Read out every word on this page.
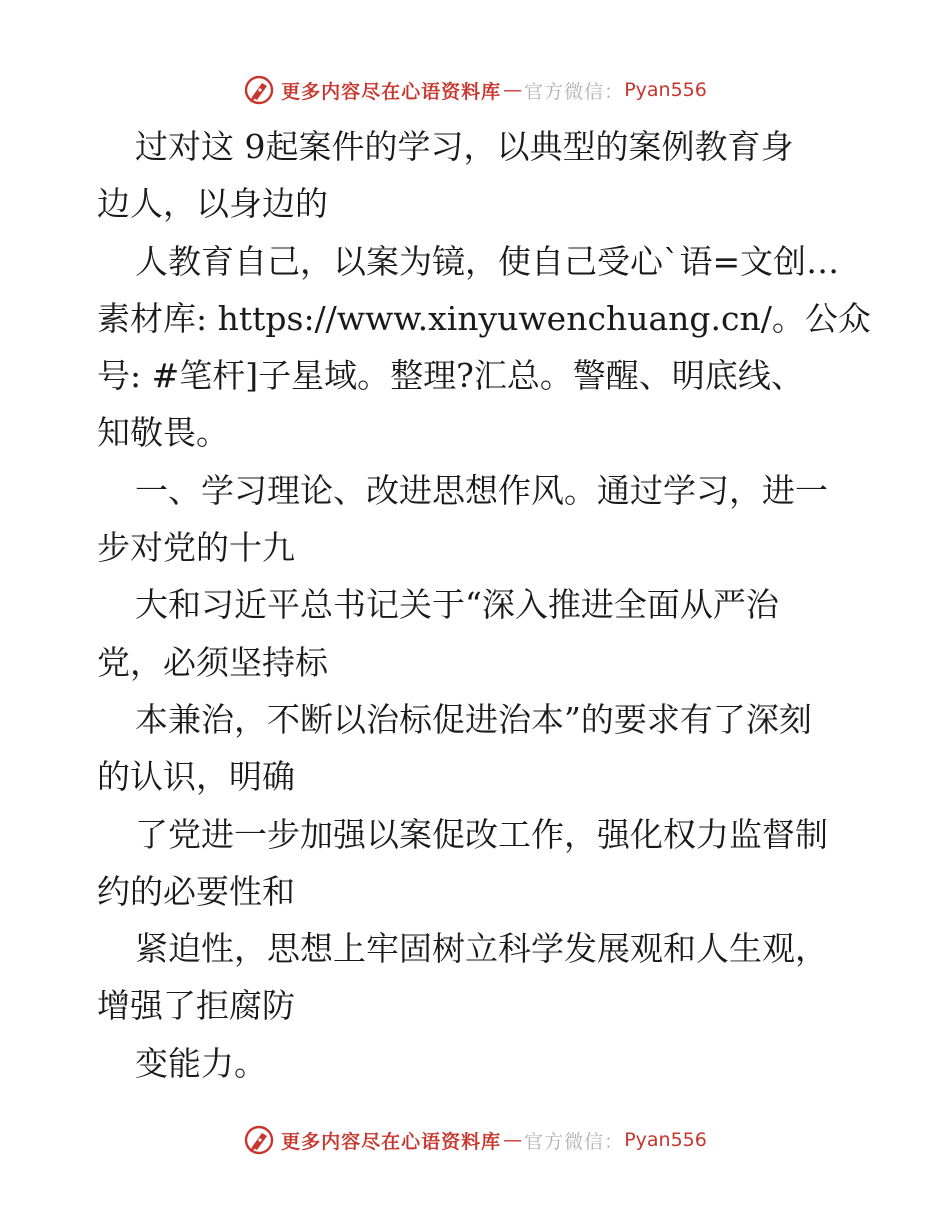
更多内容尽在心语资料库 — 官方微信： Pyan556
过对这 9起案件的学习，以典型的案例教育身
边人，以身边的
人教育自己，以案为镜，使自己受心`语=文创…
素材库: https://www.xinyuwenchuang.cn/。公众
号: #笔杆]子星域。整理?汇总。警醒、明底线、
知敬畏。
一、学习理论、改进思想作风。通过学习，进一
步对党的十九
大和习近平总书记关于“深入推进全面从严治
党，必须坚持标
本兼治，不断以治标促进治本”的要求有了深刻
的认识，明确
了党进一步加强以案促改工作，强化权力监督制
约的必要性和
紧迫性，思想上牢固树立科学发展观和人生观，
增强了拒腐防
变能力。
更多内容尽在心语资料库 — 官方微信： Pyan556
